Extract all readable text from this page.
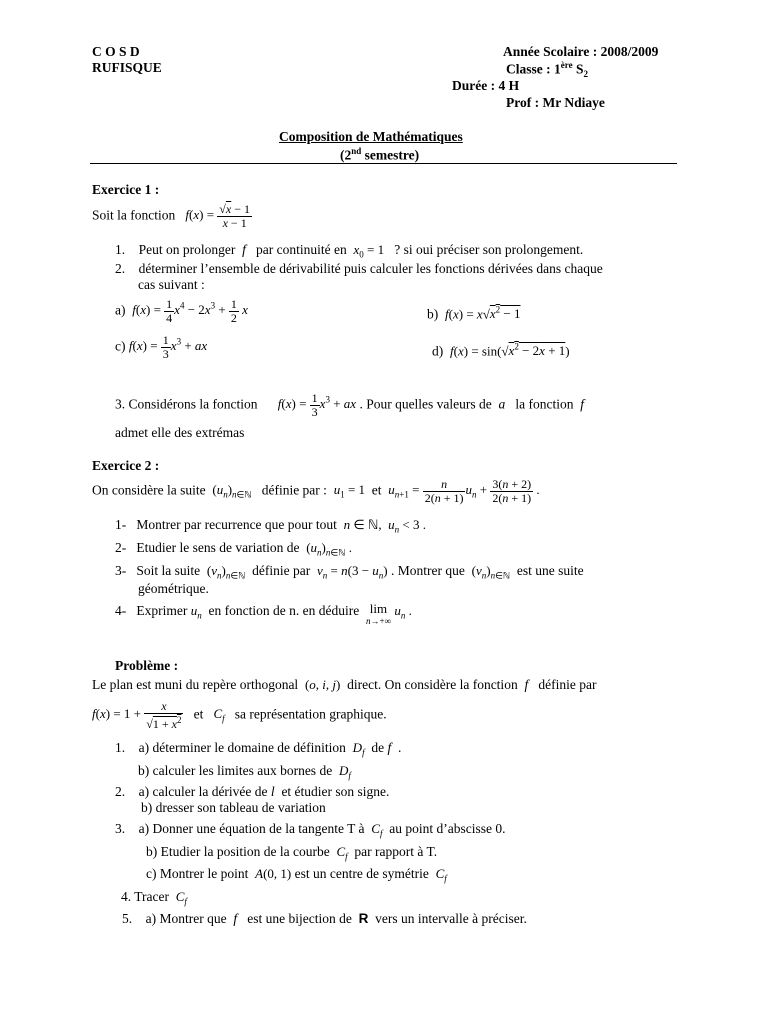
C O S D
RUFISQUE
Année Scolaire : 2008/2009
Classe : 1ère $S_2$
Durée : 4 H
Prof : Mr Ndiaye
Composition de Mathématiques
(2nd semestre)
Exercice 1 :
Soit la fonction $f(x) = \frac{√x - 1}{x - 1}$
1. Peut on prolonger f par continuité en $x_0 = 1$ ? si oui préciser son prolongement.
2. déterminer l’ensemble de dérivabilité puis calculer les fonctions dérivées dans chaque
cas suivant :
a) $f(x) = \frac{1}{4} x^4 - 2x^3 + \frac{1}{2}$ x	b) $f(x) = x√x^2 - 1$
c) $f(x) = \frac{1}{3} x^3$ + ax	d) $f(x) = \sin(√x^2 - 2x + 1)$
3. Considérons la fonction $f(x) = \frac{1}{3} x^3$ + ax . Pour quelles valeurs de a la fonction f
admet elle des extrémas
Exercice 2 :
On considère la suite $(u_n)_{n\in ℕ}$ définie par : $u_1 = 1$ et $u_{n+1} = \frac{n}{2(n + 1)} u_n + \frac{3(n + 2)}{2(n + 1)}$ .
1- Montrer par recurrence que pour tout n ∈ ℕ,  $u_n < 3$ .
2- Etudier le sens de variation de $(u_n)_{n\in ℕ}$ .
3- Soit la suite $(v_n)_{n\in ℕ}$ définie par $v_n = n(3 - u_n)$ . Montrer que $(v_n)_{n\in ℕ}$ est une suite
géométrique.
4- Exprimer $u_n$ en fonction de n. en déduire lim
n→+∞ $u_n$ .
Problème :
Le plan est muni du repère orthogonal (o, i, j) direct. On considère la fonction f définie par
$f(x) = 1 + \frac{x}{√1 + x^2}$ et $C_f$ sa représentation graphique.
1. a) déterminer le domaine de définition $D_f$ de f  .
b) calculer les limites aux bornes de $D_f$
2. a) calculer la dérivée de l et étudier son signe.
b) dresser son tableau de variation
3. a) Donner une équation de la tangente T à $C_f$ au point d’abscisse 0.
b) Etudier la position de la courbe $C_f$ par rapport à T.
c) Montrer le point A(0, 1) est un centre de symétrie $C_f$
4. Tracer $C_f$
5. a) Montrer que f est une bijection de R vers un intervalle à préciser.
